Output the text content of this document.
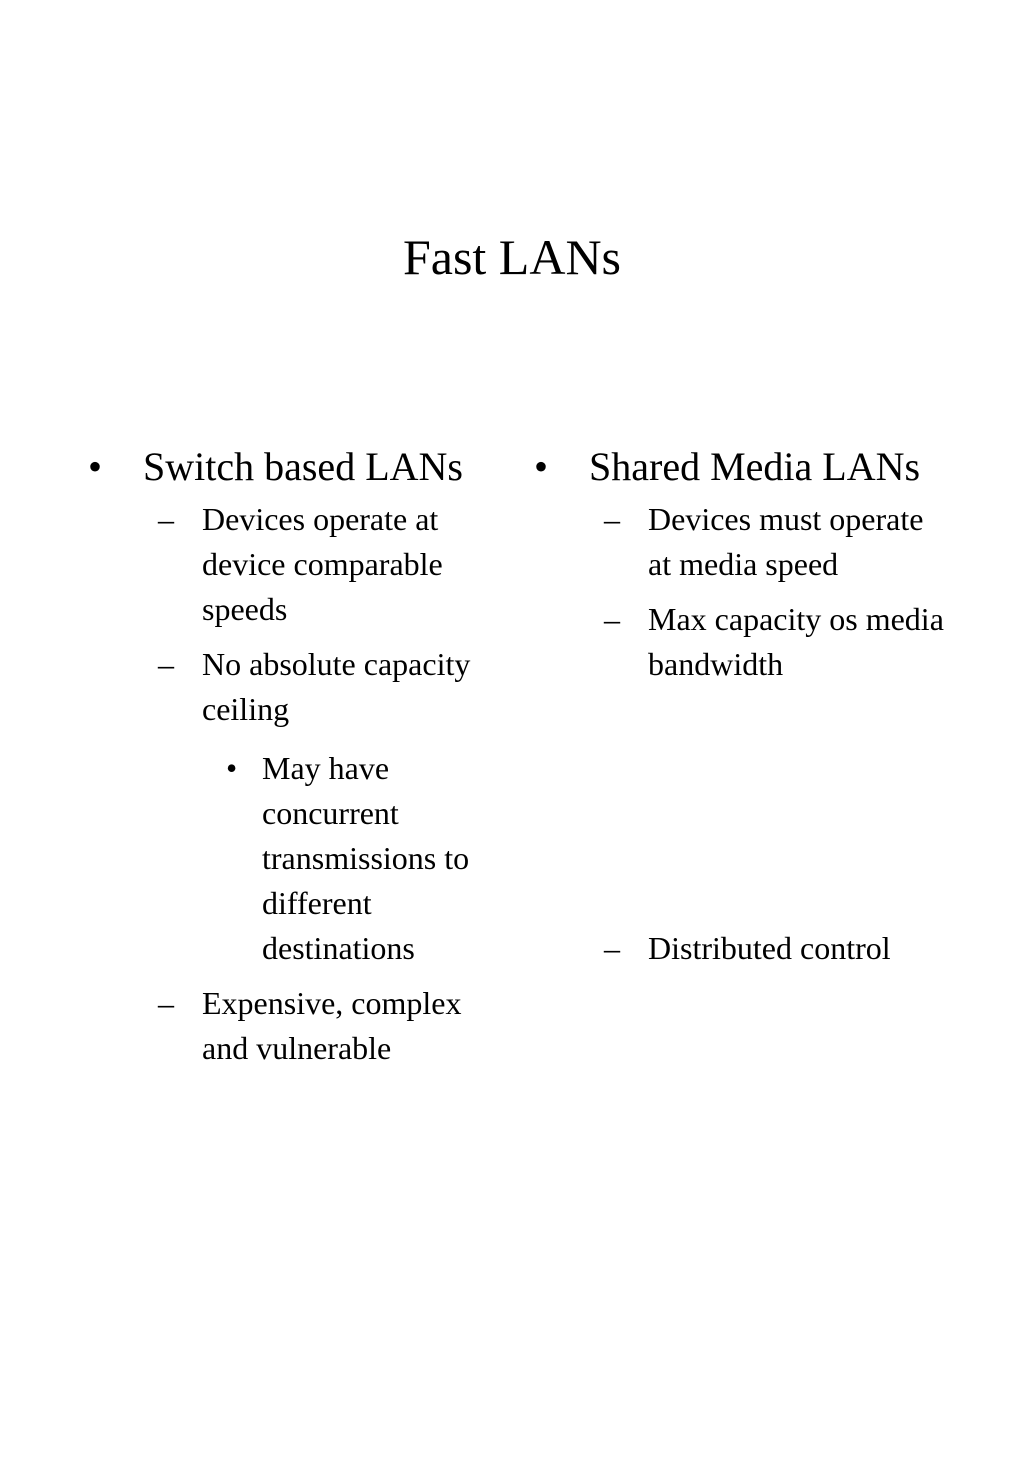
Fast LANs
• Switch based LANs
– Devices operate at device comparable speeds
– No absolute capacity ceiling
• May have concurrent transmissions to different destinations
– Expensive, complex and vulnerable
• Shared Media LANs
– Devices must operate at media speed
– Max capacity os media bandwidth
– Distributed control
